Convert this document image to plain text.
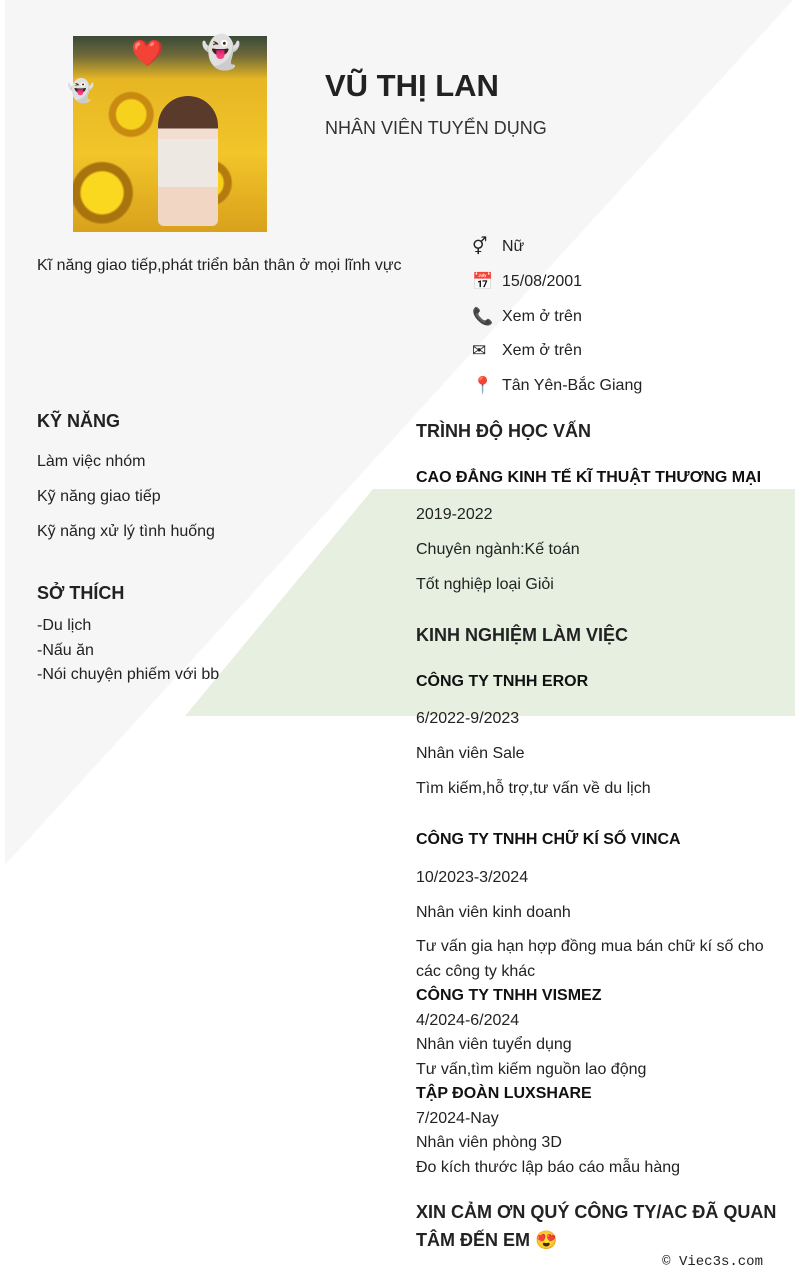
❤️ 👻
👻	VŨ THỊ LAN
NHÂN VIÊN TUYỂN DỤNG
Kĩ năng giao tiếp,phát triển bản thân ở mọi lĩnh vực
⚥ Nữ
📅 15/08/2001
📞 Xem ở trên
✉ Xem ở trên
📍 Tân Yên-Bắc Giang
KỸ NĂNG
Làm việc nhóm
Kỹ năng giao tiếp
Kỹ năng xử lý tình huống
SỞ THÍCH
-Du lịch
-Nấu ăn
-Nói chuyện phiếm với bb
TRÌNH ĐỘ HỌC VẤN
CAO ĐẲNG KINH TẾ KĨ THUẬT THƯƠNG MẠI
2019-2022
Chuyên ngành:Kế toán
Tốt nghiệp loại Giỏi
KINH NGHIỆM LÀM VIỆC
CÔNG TY TNHH EROR
6/2022-9/2023
Nhân viên Sale
Tìm kiếm,hỗ trợ,tư vấn về du lịch
CÔNG TY TNHH CHỮ KÍ SỐ VINCA
10/2023-3/2024
Nhân viên kinh doanh
Tư vấn gia hạn hợp đồng mua bán chữ kí số cho các công ty khác
CÔNG TY TNHH VISMEZ
4/2024-6/2024
Nhân viên tuyển dụng
Tư vấn,tìm kiếm nguồn lao động
TẬP ĐOÀN LUXSHARE
7/2024-Nay
Nhân viên phòng 3D
Đo kích thước lập báo cáo mẫu hàng
XIN CẢM ƠN QUÝ CÔNG TY/AC ĐÃ QUAN TÂM ĐẾN EM 😍
© Viec3s.com
